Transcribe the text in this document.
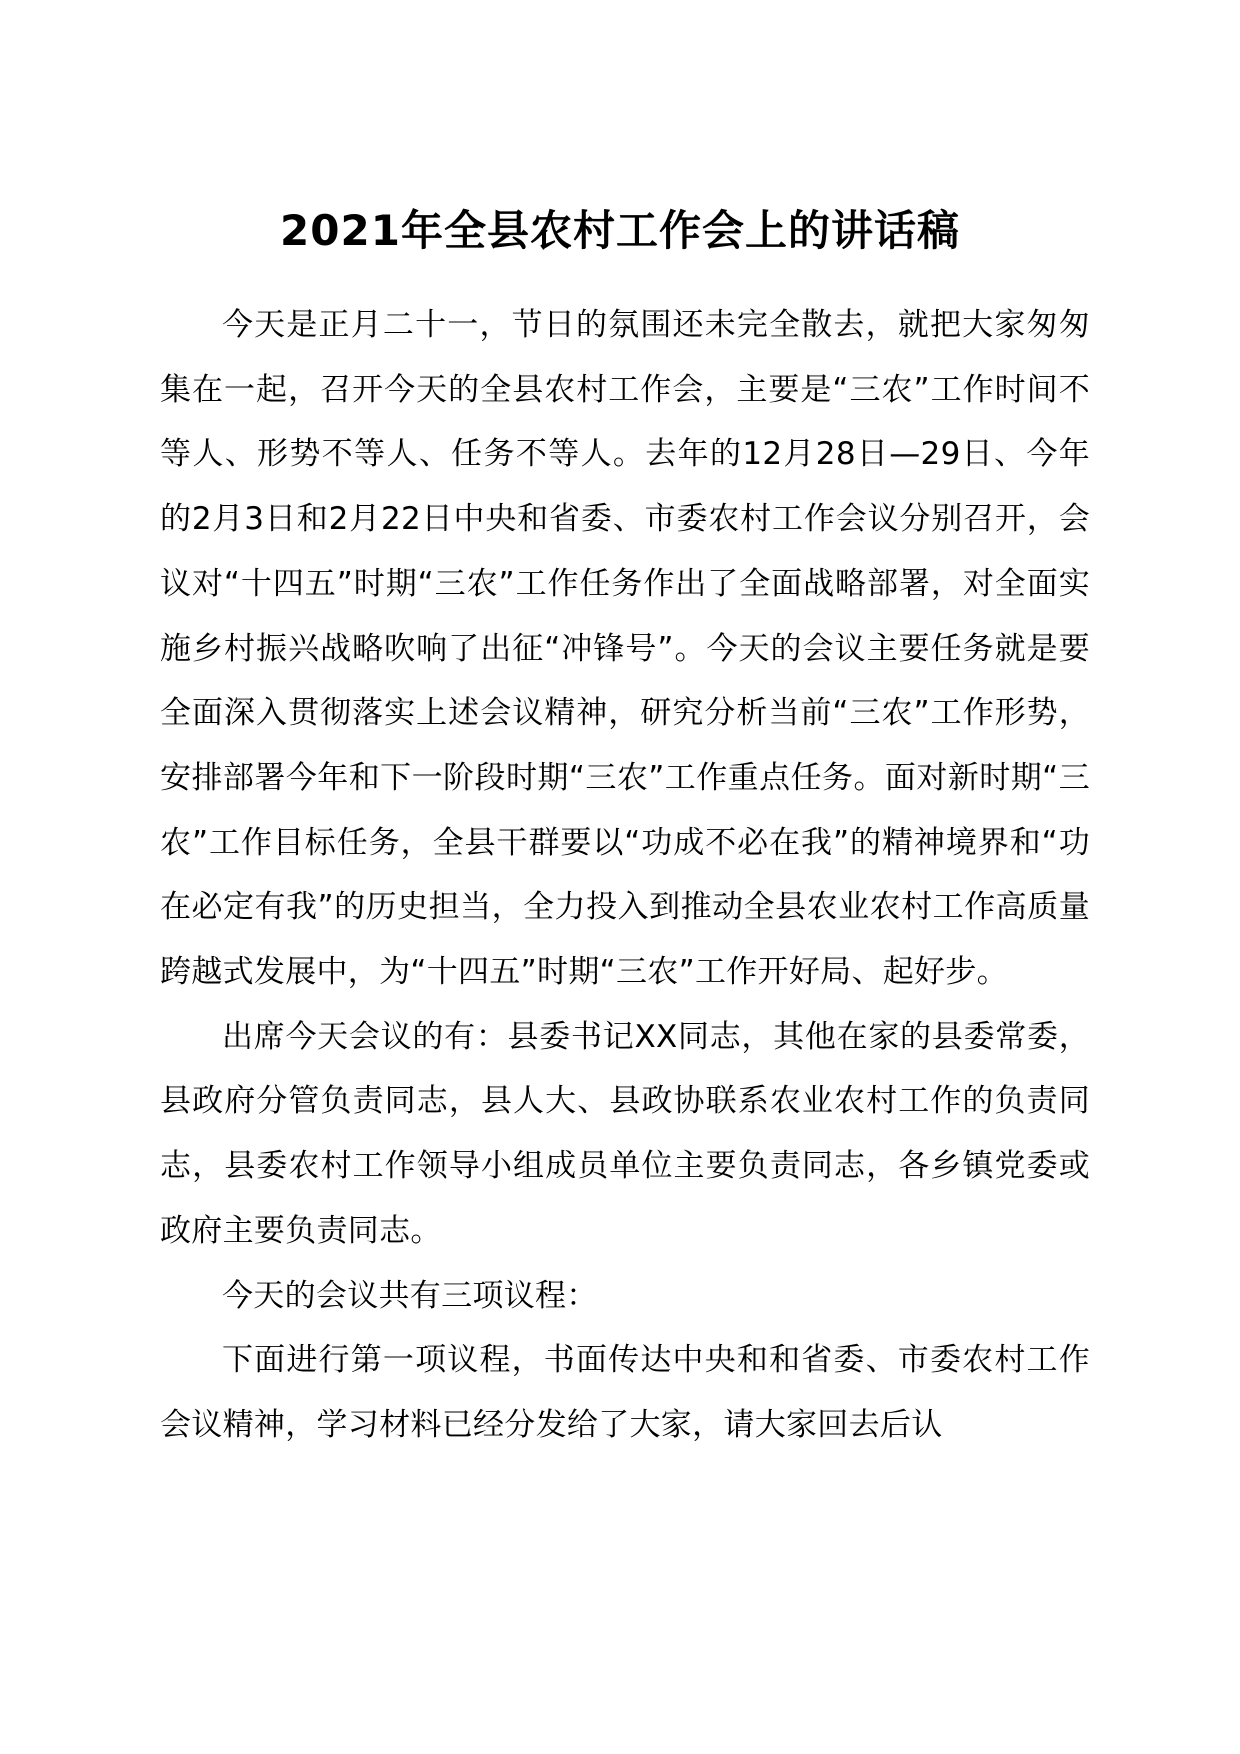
2021年全县农村工作会上的讲话稿

今天是正月二十一，节日的氛围还未完全散去，就把大家匆匆集在一起，召开今天的全县农村工作会，主要是“三农”工作时间不等人、形势不等人、任务不等人。去年的12月28日—29日、今年的2月3日和2月22日中央和省委、市委农村工作会议分别召开，会议对“十四五”时期“三农”工作任务作出了全面战略部署，对全面实施乡村振兴战略吹响了出征“冲锋号”。今天的会议主要任务就是要全面深入贯彻落实上述会议精神，研究分析当前“三农”工作形势，安排部署今年和下一阶段时期“三农”工作重点任务。面对新时期“三农”工作目标任务，全县干群要以“功成不必在我”的精神境界和“功在必定有我”的历史担当，全力投入到推动全县农业农村工作高质量跨越式发展中，为“十四五”时期“三农”工作开好局、起好步。

出席今天会议的有：县委书记XX同志，其他在家的县委常委，县政府分管负责同志，县人大、县政协联系农业农村工作的负责同志，县委农村工作领导小组成员单位主要负责同志，各乡镇党委或政府主要负责同志。

今天的会议共有三项议程：

下面进行第一项议程，书面传达中央和和省委、市委农村工作会议精神，学习材料已经分发给了大家，请大家回去后认
